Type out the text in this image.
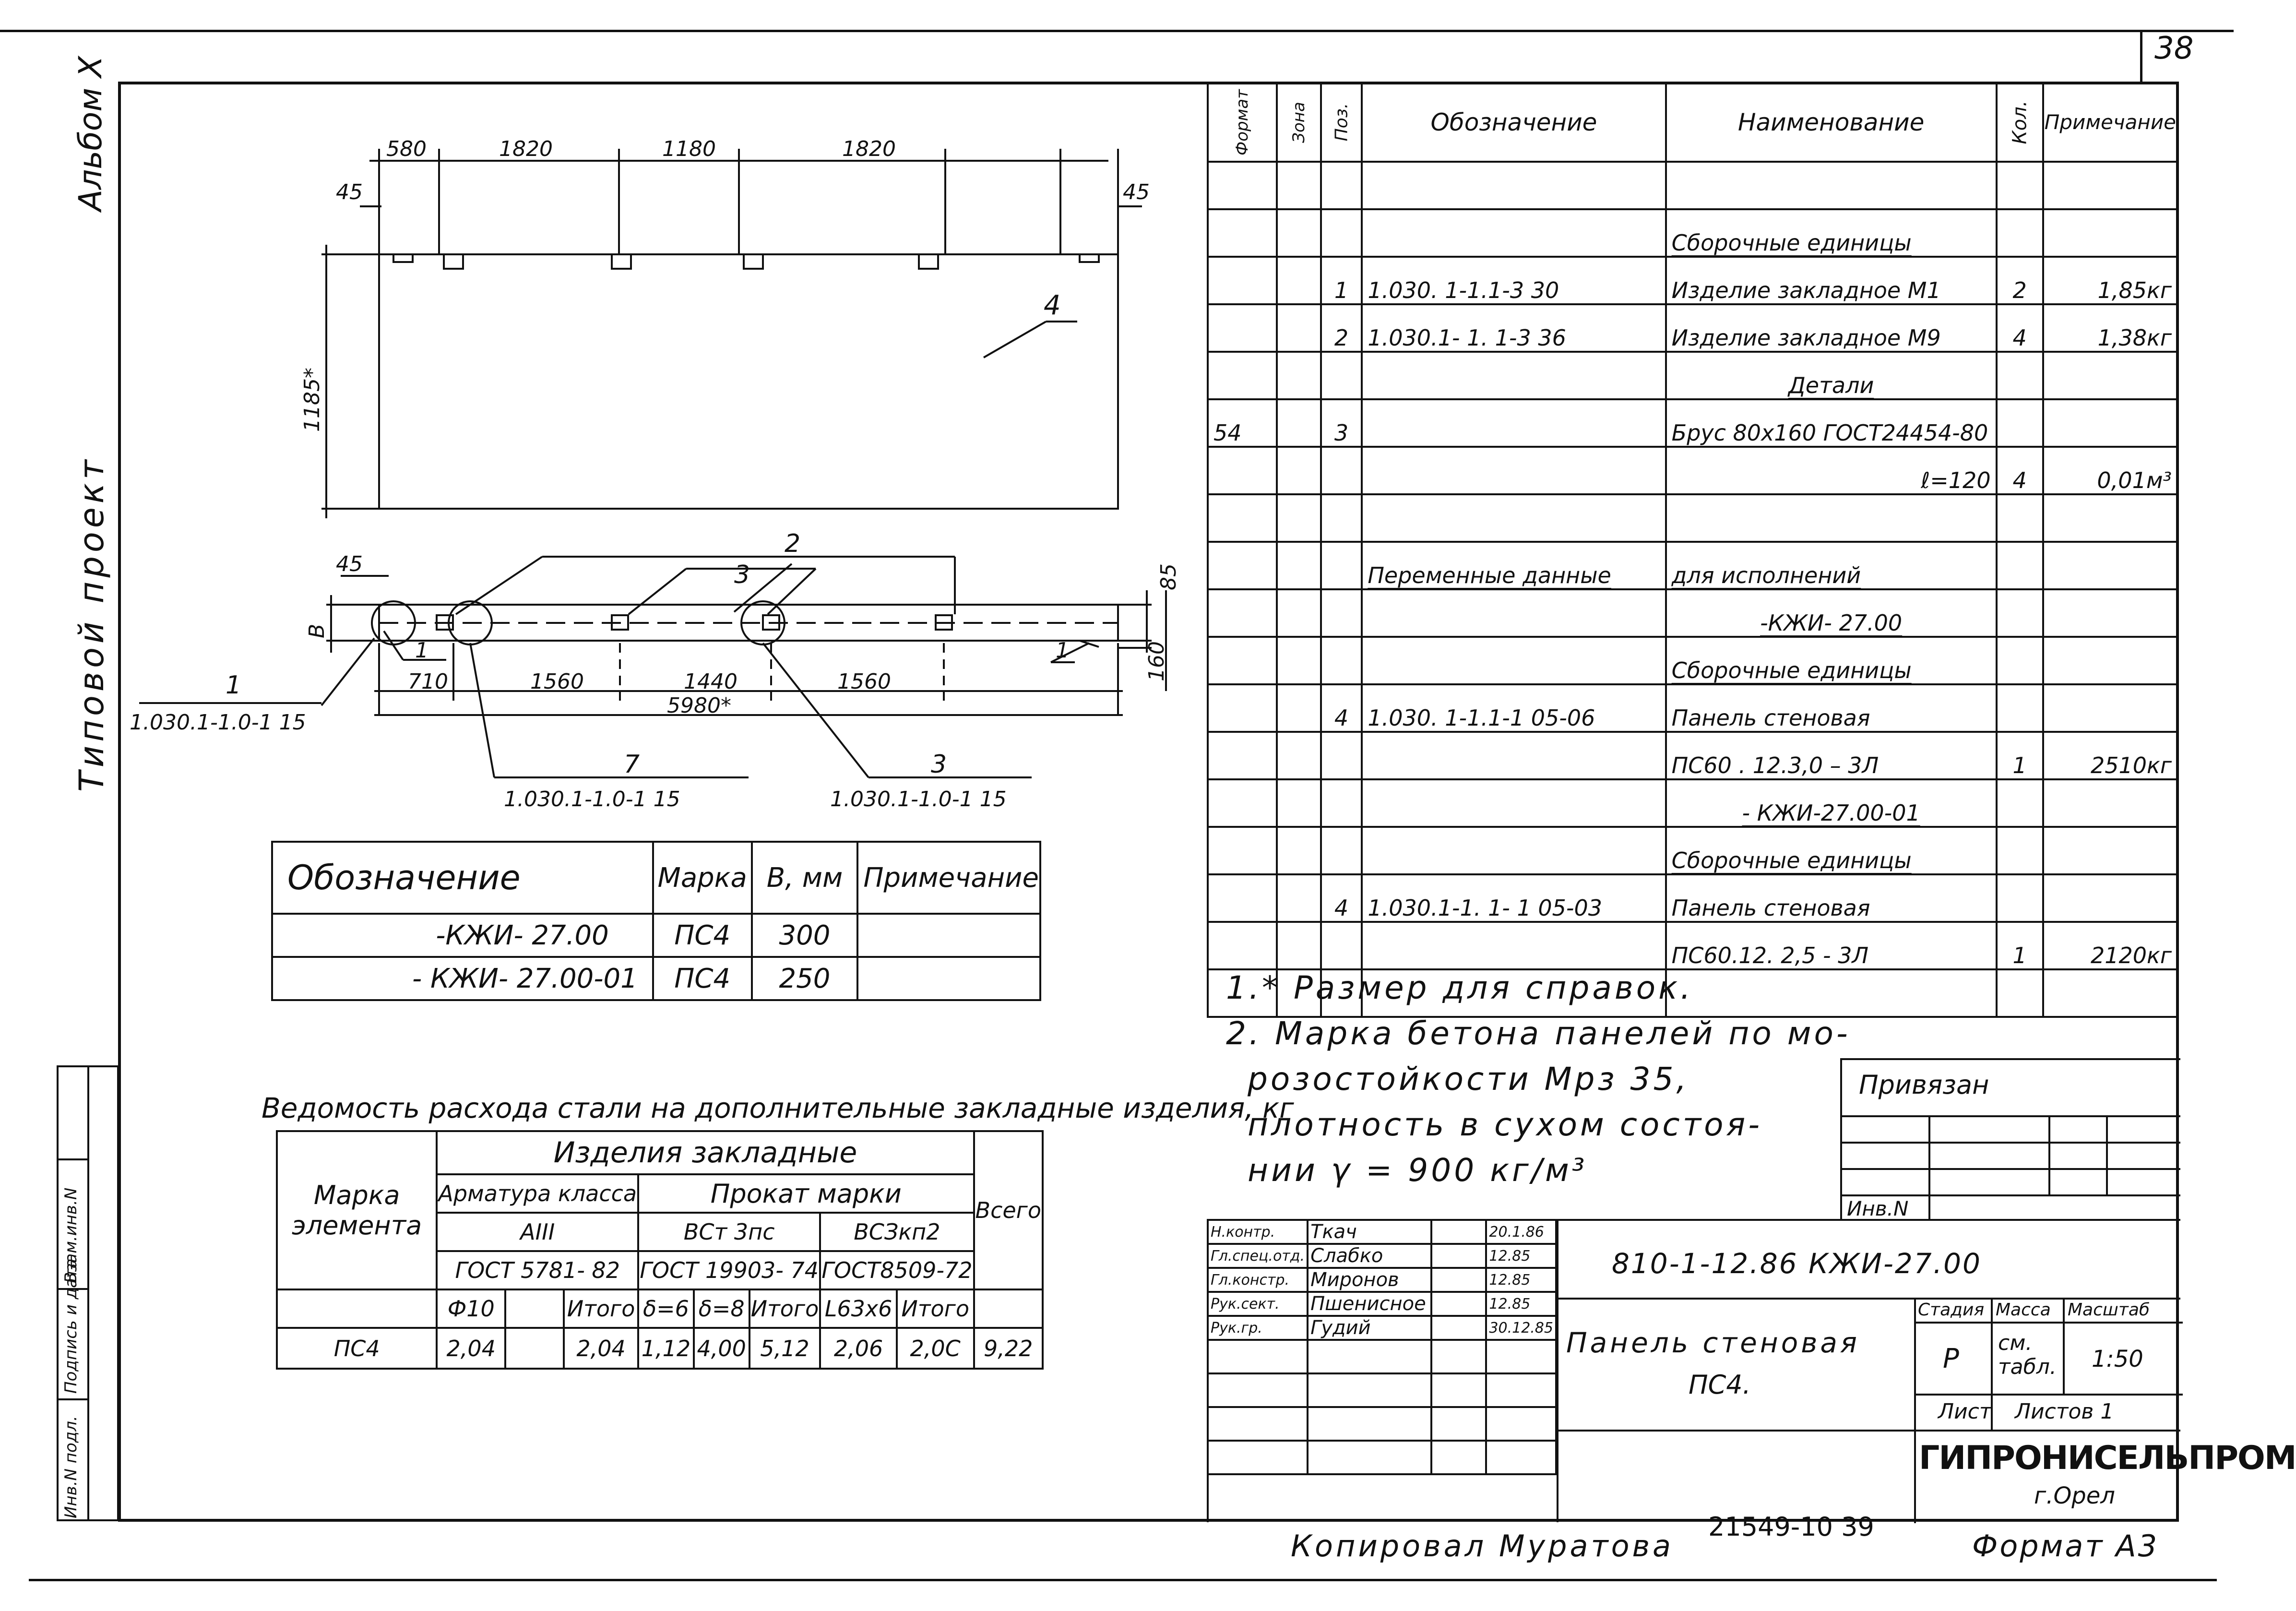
38
Альбом X
Типовой проект
Инв.N подл.
Подпись и дата
Взам.инв.N
580	1820	1180	1820
45	45
1185*
4
В
45	85
160
2
3
1	1
1	710	1560	1440	1560
5980*
1.030.1-1.0-1 15
7
1.030.1-1.0-1 15
3
1.030.1-1.0-1 15
Обозначение	Марка	В, мм	Примечание
-КЖИ- 27.00	ПС4	300	
- КЖИ- 27.00-01	ПС4	250	
Ведомость расхода стали на дополнительные закладные изделия, кг
Марка элемента	Изделия закладные								Всего
	Арматура класса			Прокат марки					
	АIII			ВСт 3пс			ВСЗкп2		
	ГОСТ 5781- 82			ГОСТ 19903- 74			ГОСТ8509-72		
	Ф10		Итого	δ=6	δ=8	Итого	L63х6	Итого	
ПС4	2,04		2,04	1,12	4,00	5,12	2,06	2,0С	9,22
Формат	Зона	Поз.	Обозначение	Наименование	Кол.	Примечание

				Сборочные единицы		
		1	1.030. 1-1.1-3 30	Изделие закладное М1	2	1,85кг
		2	1.030.1- 1. 1-3 36	Изделие закладное М9	4	1,38кг
				Детали		
54		3		Брус 80х160 ГОСТ24454-80		
				ℓ=120	4	0,01м³

			Переменные данные	для исполнений		
				-КЖИ- 27.00		
				Сборочные единицы		
		4	1.030. 1-1.1-1 05-06	Панель стеновая		
				ПС60 . 12.3,0 – 3Л	1	2510кг
				- КЖИ-27.00-01		
				Сборочные единицы		
		4	1.030.1-1. 1- 1 05-03	Панель стеновая		
				ПС60.12. 2,5 - 3Л	1	2120кг

1.* Размер для справок.
2. Марка бетона панелей по мо-
розостойкости Мрз 35,
плотность в сухом состоя-
нии γ = 900 кг/м³
Привязан
Инв.N
Н.контр.	Ткач		20.1.86
Гл.спец.отд.	Слабко		12.85
Гл.констр.	Миронов		12.85
Рук.сект.	Пшенисное		12.85
Рук.гр.	Гудий		30.12.85

810-1-12.86 КЖИ-27.00
Панель стеновая
ПС4.
Стадия Масса Масштаб
Р
см. табл. 1:50
Лист Листов 1
ГИПРОНИСЕЛЬПРОМ
г.Орел
Копировал Муратова
21549-10 39
Формат А3
